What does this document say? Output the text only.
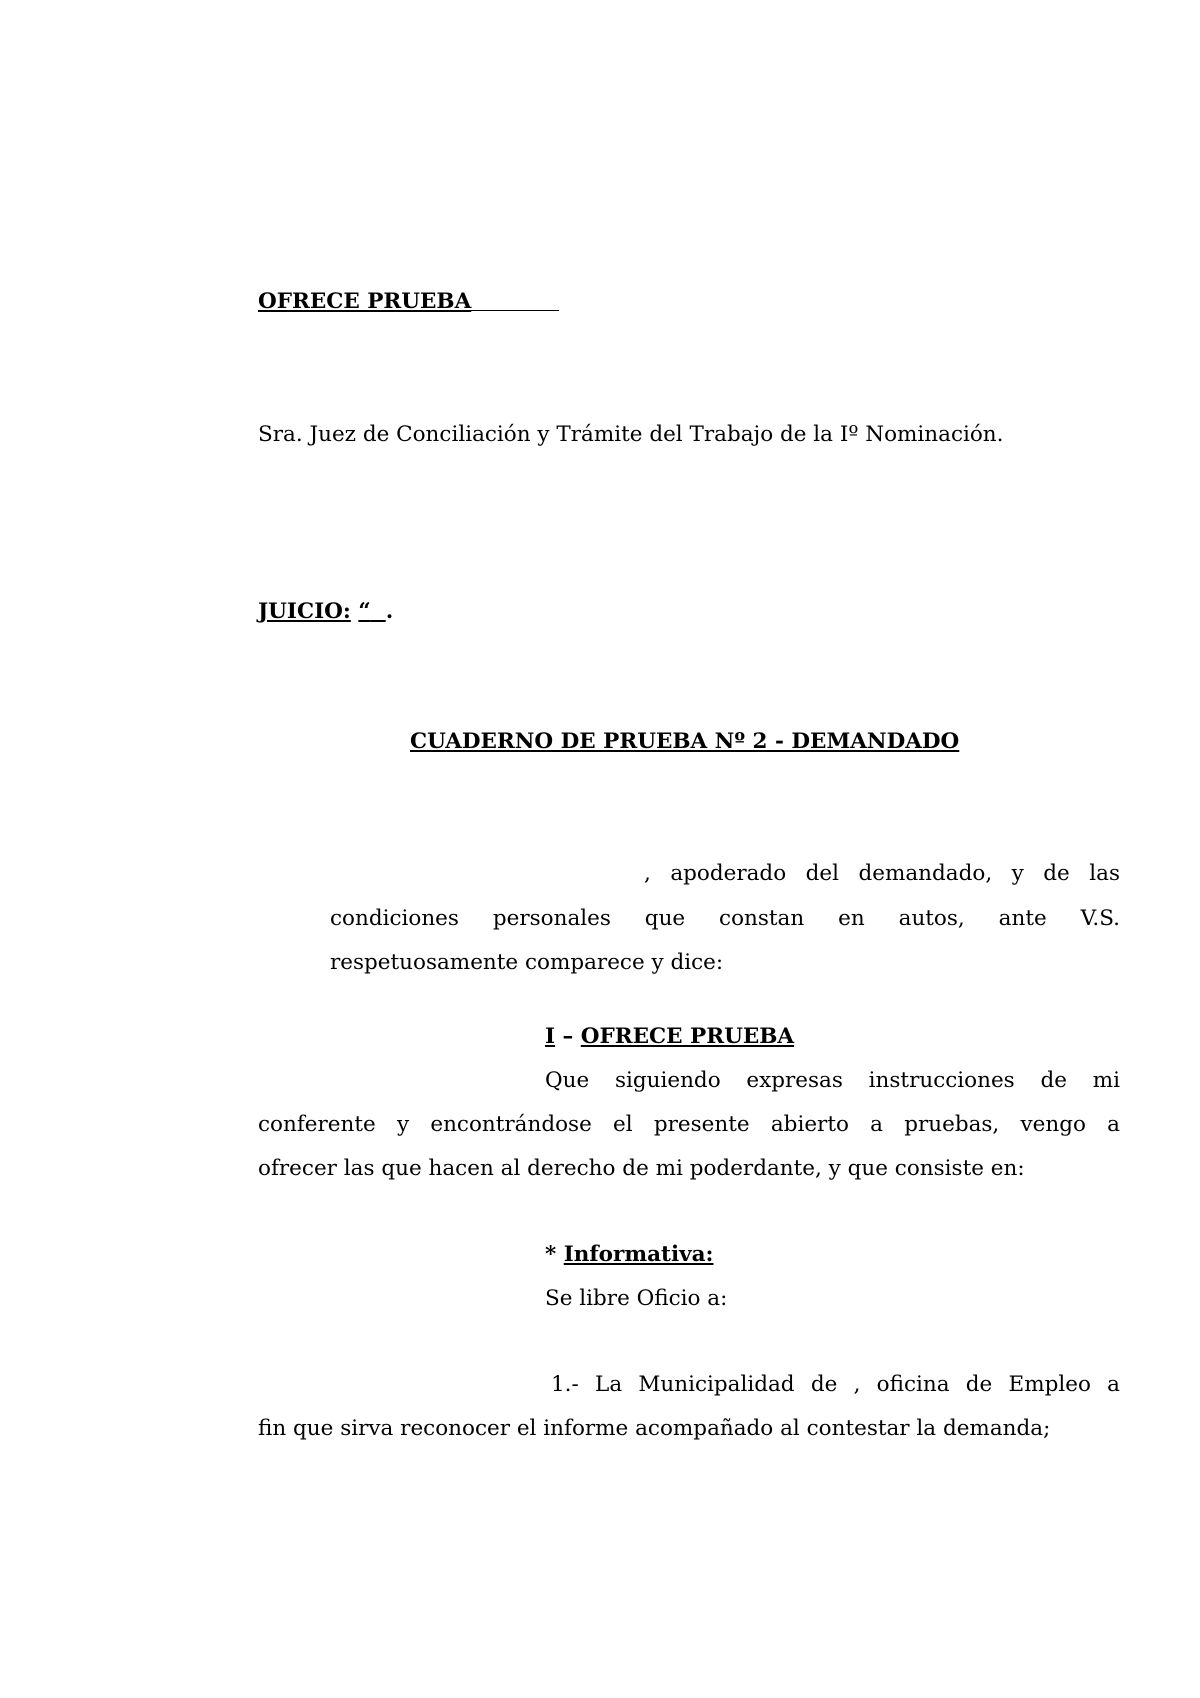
OFRECE PRUEBA
Sra. Juez de Conciliación y Trámite del Trabajo de la Iº Nominación.
JUICIO: “ .
CUADERNO DE PRUEBA Nº 2 - DEMANDADO
, apoderado del demandado, y de las
condiciones personales que constan en autos, ante V.S.
respetuosamente comparece y dice:
I – OFRECE PRUEBA
Que siguiendo expresas instrucciones de mi
conferente y encontrándose el presente abierto a pruebas, vengo a
ofrecer las que hacen al derecho de mi poderdante, y que consiste en:
* Informativa:
Se libre Oficio a:
1.- La Municipalidad de , oficina de Empleo a
fin que sirva reconocer el informe acompañado al contestar la demanda;
